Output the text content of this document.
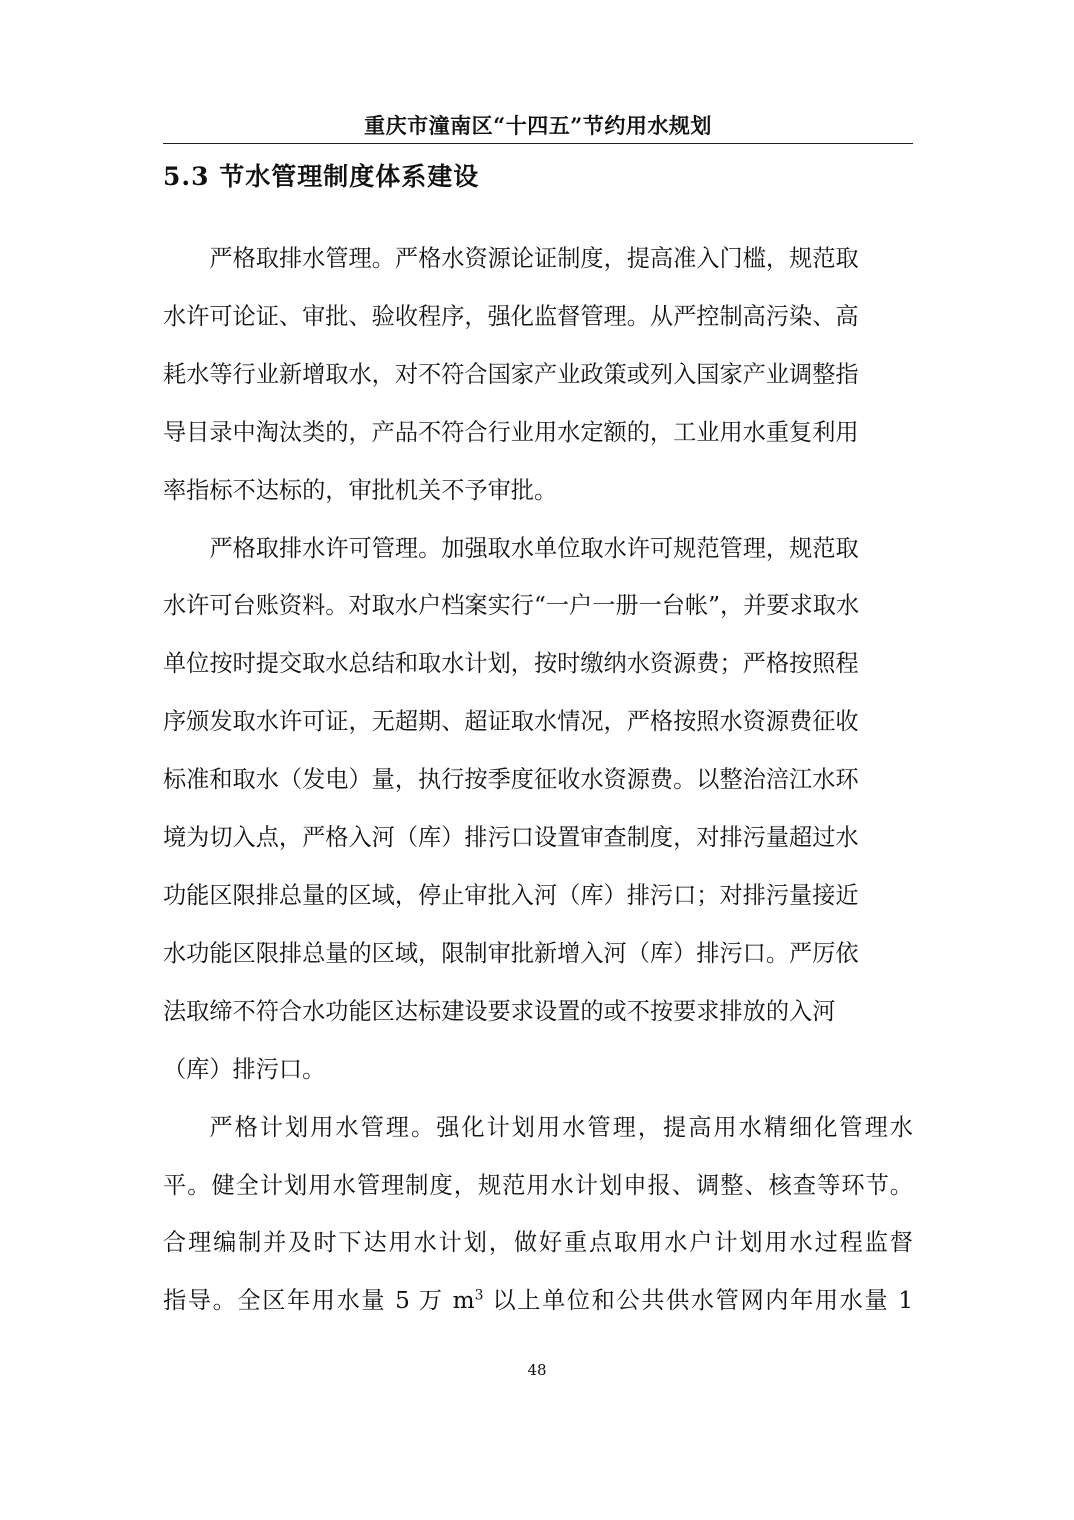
重庆市潼南区“十四五”节约用水规划
5.3 节水管理制度体系建设

严格取排水管理。严格水资源论证制度，提高准入门槛，规范取
水许可论证、审批、验收程序，强化监督管理。从严控制高污染、高
耗水等行业新增取水，对不符合国家产业政策或列入国家产业调整指
导目录中淘汰类的，产品不符合行业用水定额的，工业用水重复利用
率指标不达标的，审批机关不予审批。

严格取排水许可管理。加强取水单位取水许可规范管理，规范取
水许可台账资料。对取水户档案实行“一户一册一台帐”，并要求取水
单位按时提交取水总结和取水计划，按时缴纳水资源费；严格按照程
序颁发取水许可证，无超期、超证取水情况，严格按照水资源费征收
标准和取水（发电）量，执行按季度征收水资源费。以整治涪江水环
境为切入点，严格入河（库）排污口设置审查制度，对排污量超过水
功能区限排总量的区域，停止审批入河（库）排污口；对排污量接近
水功能区限排总量的区域，限制审批新增入河（库）排污口。严厉依
法取缔不符合水功能区达标建设要求设置的或不按要求排放的入河
（库）排污口。

严格计划用水管理。强化计划用水管理，提高用水精细化管理水
平。健全计划用水管理制度，规范用水计划申报、调整、核查等环节。
合理编制并及时下达用水计划，做好重点取用水户计划用水过程监督
指导。全区年用水量 5 万 $m^3$ 以上单位和公共供水管网内年用水量 1

48
